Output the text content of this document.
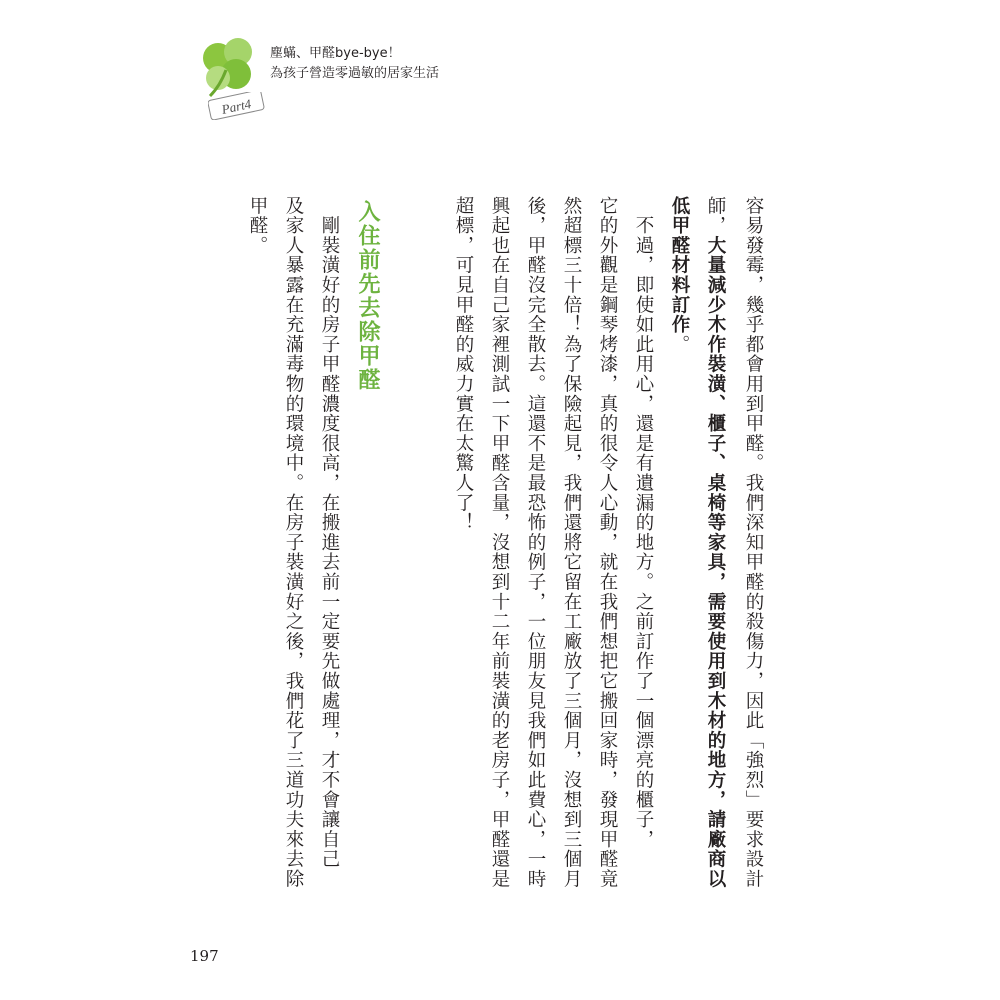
Part4
塵蟎、甲醛bye-bye！
為孩子營造零過敏的居家生活
容易發霉，幾乎都會用到甲醛。我們深知甲醛的殺傷力，因此「強烈」要求設計
師，大量減少木作裝潢、櫃子、桌椅等家具，需要使用到木材的地方，請廠商以
低甲醛材料訂作。
　不過，即使如此用心，還是有遺漏的地方。之前訂作了一個漂亮的櫃子，
它的外觀是鋼琴烤漆，真的很令人心動，就在我們想把它搬回家時，發現甲醛竟
然超標三十倍！為了保險起見，我們還將它留在工廠放了三個月，沒想到三個月
後，甲醛沒完全散去。這還不是最恐怖的例子，一位朋友見我們如此費心，一時
興起也在自己家裡測試一下甲醛含量，沒想到十二年前裝潢的老房子，甲醛還是
超標，可見甲醛的威力實在太驚人了！
　剛裝潢好的房子甲醛濃度很高，在搬進去前一定要先做處理，才不會讓自己
及家人暴露在充滿毒物的環境中。在房子裝潢好之後，我們花了三道功夫來去除
甲醛。	入住前先去除甲醛
197
